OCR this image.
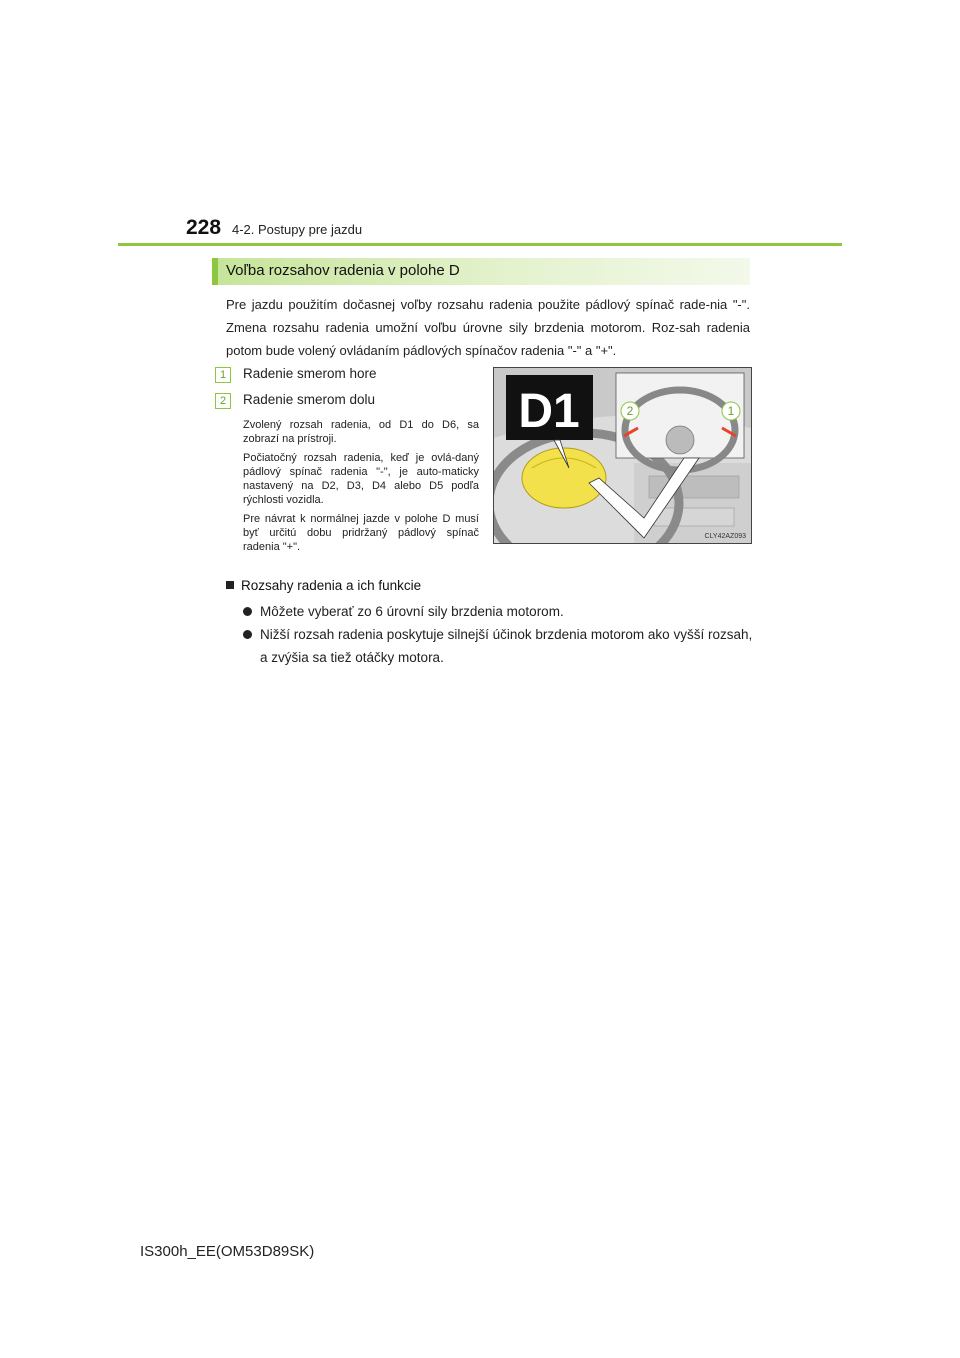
228 4-2. Postupy pre jazdu
Voľba rozsahov radenia v polohe D
Pre jazdu použitím dočasnej voľby rozsahu radenia použite pádlový spínač rade-nia "-". Zmena rozsahu radenia umožní voľbu úrovne sily brzdenia motorom. Roz-sah radenia potom bude volený ovládaním pádlových spínačov radenia "-" a "+".
1	Radenie smerom hore
2	Radenie smerom dolu

Zvolený rozsah radenia, od D1 do D6, sa zobrazí na prístroji.

Počiatočný rozsah radenia, keď je ovlá-daný pádlový spínač radenia "-", je auto-maticky nastavený na D2, D3, D4 alebo D5 podľa rýchlosti vozidla.

Pre návrat k normálnej jazde v polohe D musí byť určitú dobu pridržaný pádlový spínač radenia "+".

D1	2	1
CLY42AZ093
Rozsahy radenia a ich funkcie
Môžete vyberať zo 6 úrovní sily brzdenia motorom.
Nižší rozsah radenia poskytuje silnejší účinok brzdenia motorom ako vyšší rozsah, a zvýšia sa tiež otáčky motora.
IS300h_EE(OM53D89SK)
